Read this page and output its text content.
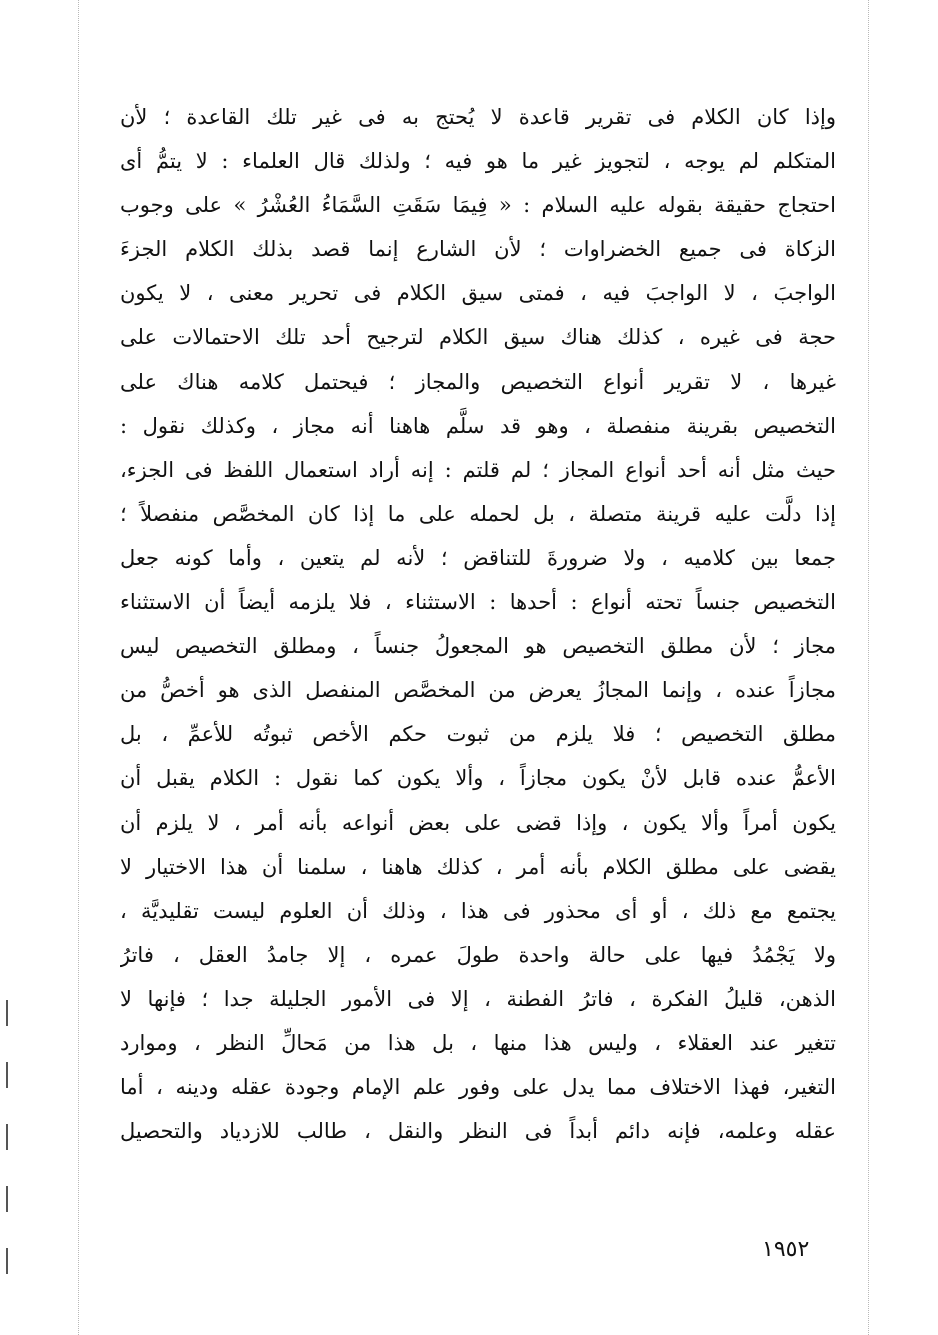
وإذا كان الكلام فى تقرير قاعدة لا يُحتج به فى غير تلك القاعدة ؛ لأن
المتكلم لم يوجه ، لتجويز غير ما هو فيه ؛ ولذلك قال العلماء : لا يتمُّ أى
احتجاج حقيقة بقوله عليه السلام : « فِيمَا سَقَتِ السَّمَاءُ العُشْرُ » على وجوب
الزكاة فى جميع الخضراوات ؛ لأن الشارع إنما قصد بذلك الكلام الجزءَ
الواجبَ ، لا الواجبَ فيه ، فمتى سيق الكلام فى تحرير معنى ، لا يكون
حجة فى غيره ، كذلك هناك سيق الكلام لترجيح أحد تلك الاحتمالات على
غيرها ، لا تقرير أنواع التخصيص والمجاز ؛ فيحتمل كلامه هناك على
التخصيص بقرينة منفصلة ، وهو قد سلَّم هاهنا أنه مجاز ، وكذلك نقول :
حيث مثل أنه أحد أنواع المجاز ؛ لم قلتم : إنه أراد استعمال اللفظ فى الجزء،
إذا دلَّت عليه قرينة متصلة ، بل لحمله على ما إذا كان المخصَّص منفصلاً ؛
جمعا بين كلاميه ، ولا ضرورةَ للتناقض ؛ لأنه لم يتعين ، وأما كونه جعل
التخصيص جنساً تحته أنواع : أحدها : الاستثناء ، فلا يلزمه أيضاً أن الاستثناء
مجاز ؛ لأن مطلق التخصيص هو المجعولُ جنساً ، ومطلق التخصيص ليس
مجازاً عنده ، وإنما المجازُ يعرض من المخصَّص المنفصل الذى هو أخصُّ من
مطلق التخصيص ؛ فلا يلزم من ثبوت حكم الأخص ثبوتُه للأعمِّ ، بل
الأعمُّ عنده قابل لأنْ يكون مجازاً ، وألا يكون كما نقول : الكلام يقبل أن
يكون أمراً وألا يكون ، وإذا قضى على بعض أنواعه بأنه أمر ، لا يلزم أن
يقضى على مطلق الكلام بأنه أمر ، كذلك هاهنا ، سلمنا أن هذا الاختيار لا
يجتمع مع ذلك ، أو أى محذور فى هذا ، وذلك أن العلوم ليست تقليديَّة ،
ولا يَجْمُدُ فيها على حالة واحدة طولَ عمره ، إلا جامدُ العقل ، فاترُ
الذهن، قليلُ الفكرة ، فاترُ الفطنة ، إلا فى الأمور الجليلة جدا ؛ فإنها لا
تتغير عند العقلاء ، وليس هذا منها ، بل هذا من مَحالِّ النظر ، وموارد
التغير، فهذا الاختلاف مما يدل على وفور علم الإمام وجودة عقله ودينه ، أما
عقله وعلمه، فإنه دائم أبداً فى النظر والنقل ، طالب للازدياد والتحصيل
١٩٥٢
